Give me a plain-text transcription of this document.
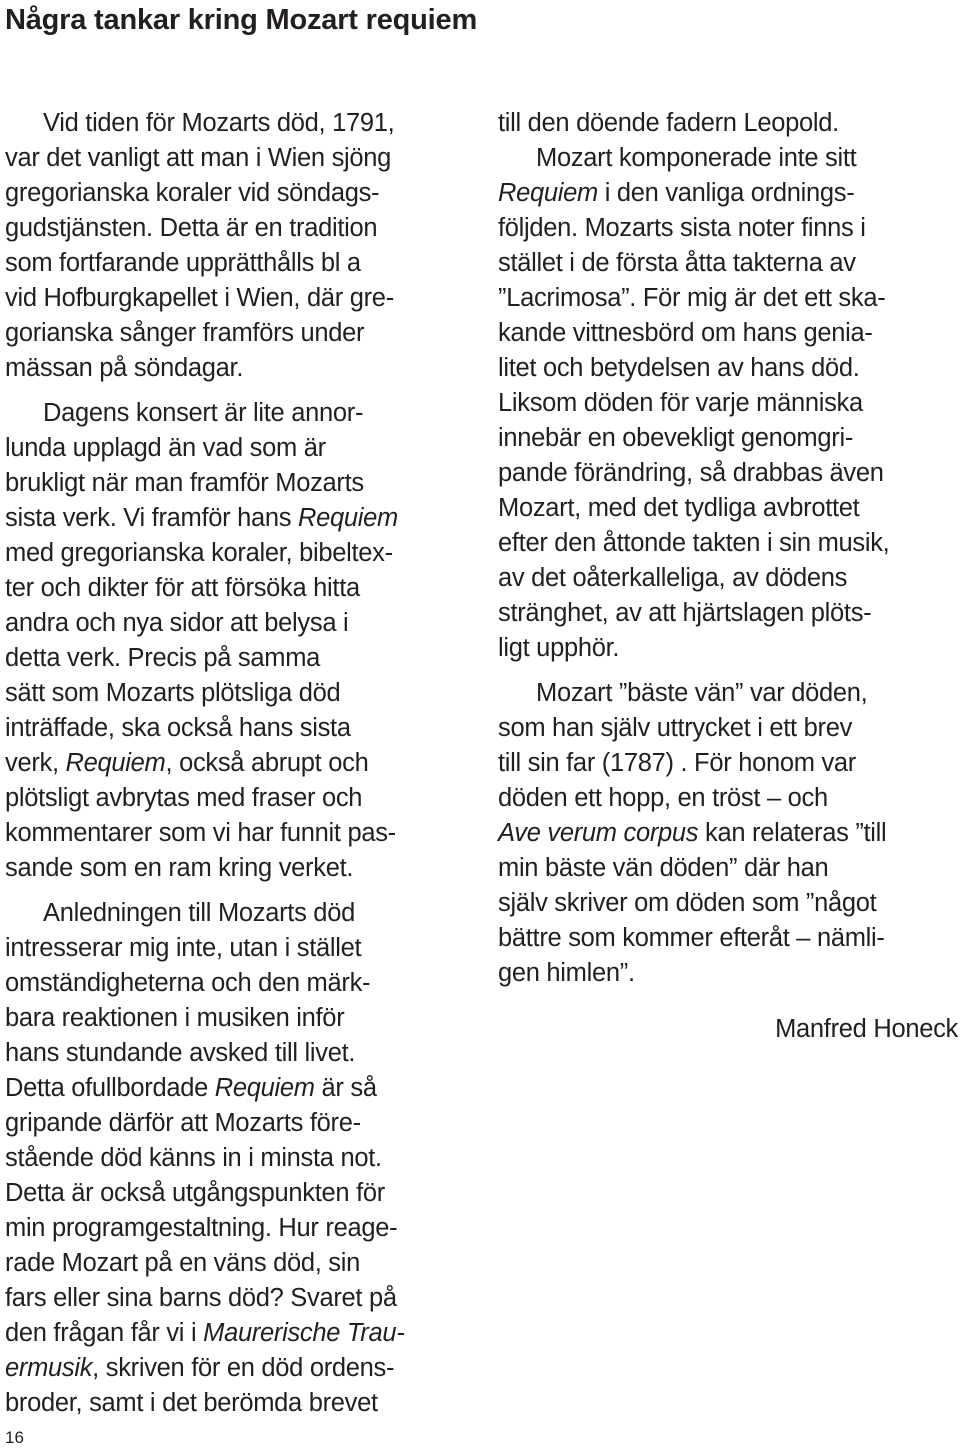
Några tankar kring Mozart requiem
Vid tiden för Mozarts död, 1791,
var det vanligt att man i Wien sjöng
gregorianska koraler vid söndags-
gudstjänsten. Detta är en tradition
som fortfarande upprätthålls bl a
vid Hofburgkapellet i Wien, där gre-
gorianska sånger framförs under
mässan på söndagar.
Dagens konsert är lite annor-
lunda upplagd än vad som är
brukligt när man framför Mozarts
sista verk. Vi framför hans Requiem
med gregorianska koraler, bibeltex-
ter och dikter för att försöka hitta
andra och nya sidor att belysa i
detta verk. Precis på samma
sätt som Mozarts plötsliga död
inträffade, ska också hans sista
verk, Requiem, också abrupt och
plötsligt avbrytas med fraser och
kommentarer som vi har funnit pas-
sande som en ram kring verket.
Anledningen till Mozarts död
intresserar mig inte, utan i stället
omständigheterna och den märk-
bara reaktionen i musiken inför
hans stundande avsked till livet.
Detta ofullbordade Requiem är så
gripande därför att Mozarts före-
stående död känns in i minsta not.
Detta är också utgångspunkten för
min programgestaltning. Hur reage-
rade Mozart på en väns död, sin
fars eller sina barns död? Svaret på
den frågan får vi i Maurerische Trau-
ermusik, skriven för en död ordens-
broder, samt i det berömda brevet
till den döende fadern Leopold.
Mozart komponerade inte sitt
Requiem i den vanliga ordnings-
följden. Mozarts sista noter finns i
stället i de första åtta takterna av
”Lacrimosa”. För mig är det ett ska-
kande vittnesbörd om hans genia-
litet och betydelsen av hans död.
Liksom döden för varje människa
innebär en obevekligt genomgri-
pande förändring, så drabbas även
Mozart, med det tydliga avbrottet
efter den åttonde takten i sin musik,
av det oåterkalleliga, av dödens
stränghet, av att hjärtslagen plöts-
ligt upphör.
Mozart ”bäste vän” var döden,
som han själv uttrycket i ett brev
till sin far (1787) . För honom var
döden ett hopp, en tröst – och
Ave verum corpus kan relateras ”till
min bäste vän döden” där han
själv skriver om döden som ”något
bättre som kommer efteråt – nämli-
gen himlen”.
Manfred Honeck
16
